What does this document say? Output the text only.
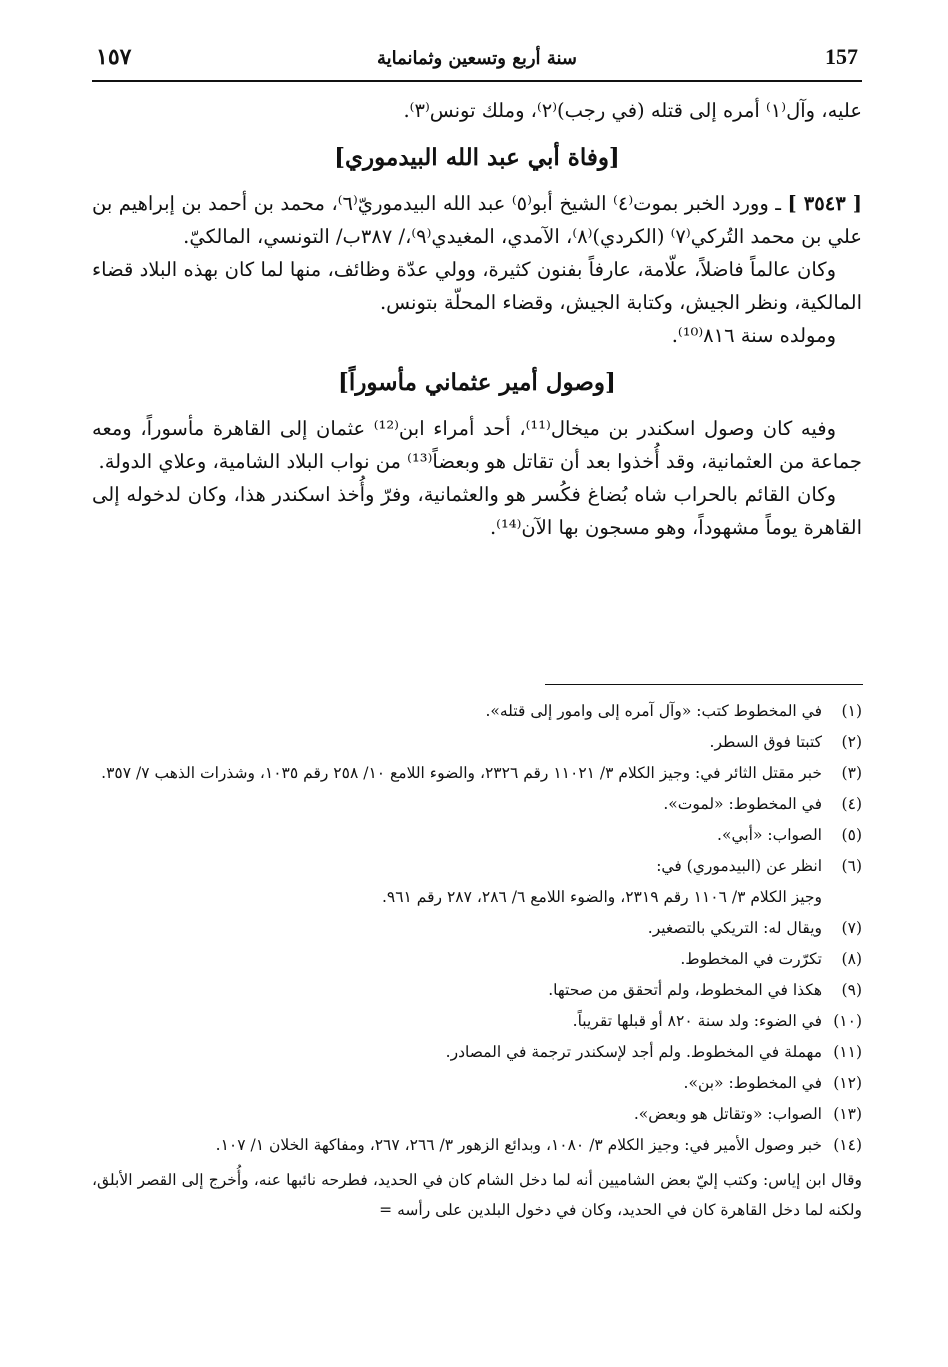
157
سنة أربع وتسعين وثمانماية
١٥٧

عليه، وآل⁽١⁾ أمره إلى قتله (في رجب)⁽٢⁾، وملك تونس⁽٣⁾.

[وفاة أبي عبد الله البيدموري]

[ ٣٥٤٣ ] ـ وورد الخبر بموت⁽٤⁾ الشيخ أبو⁽٥⁾ عبد الله البيدموريّ⁽٦⁾، محمد بن أحمد بن إبراهيم بن علي بن محمد التُركي⁽٧⁾ (الكردي)⁽٨⁾، الآمدي، المغيدي⁽٩⁾،/ ٣٨٧ب/ التونسي، المالكيّ.

وكان عالماً فاضلاً، علّامة، عارفاً بفنون كثيرة، وولي عدّة وظائف، منها لما كان بهذه البلاد قضاء المالكية، ونظر الجيش، وكتابة الجيش، وقضاء المحلّة بتونس.

ومولده سنة ٨١٦⁽¹⁰⁾.

[وصول أمير عثماني مأسوراً]

وفيه كان وصول اسكندر بن ميخال⁽¹¹⁾، أحد أمراء ابن⁽¹²⁾ عثمان إلى القاهرة مأسوراً، ومعه جماعة من العثمانية، وقد أُخذوا بعد أن تقاتل هو وبعضاً⁽¹³⁾ من نواب البلاد الشامية، وعلاي الدولة.

وكان القائم بالحراب شاه بُضاغ فكُسر هو والعثمانية، وفرّ وأُخذ اسكندر هذا، وكان لدخوله إلى القاهرة يوماً مشهوداً، وهو مسجون بها الآن⁽¹⁴⁾.

(١)
في المخطوط كتب: «وآل آمره إلى وامور إلى قتله».

(٢)
كتبتا فوق السطر.

(٣)
خبر مقتل الثائر في: وجيز الكلام ٣/ ١١٠٢١ رقم ٢٣٢٦، والضوء اللامع ١٠/ ٢٥٨ رقم ١٠٣٥، وشذرات الذهب ٧/ ٣٥٧.

(٤)
في المخطوط: «لموت».

(٥)
الصواب: «أبي».

(٦)
انظر عن (البيدموري) في:

وجيز الكلام ٣/ ١١٠٦ رقم ٢٣١٩، والضوء اللامع ٦/ ٢٨٦، ٢٨٧ رقم ٩٦١.

(٧)
ويقال له: التريكي بالتصغير.

(٨)
تكرّرت في المخطوط.

(٩)
هكذا في المخطوط، ولم أتحقق من صحتها.

(١٠)
في الضوء: ولد سنة ٨٢٠ أو قبلها تقريباً.

(١١)
مهملة في المخطوط. ولم أجد لإسكندر ترجمة في المصادر.

(١٢)
في المخطوط: «بن».

(١٣)
الصواب: «وتقاتل هو وبعض».

(١٤)
خبر وصول الأمير في: وجيز الكلام ٣/ ١٠٨٠، وبدائع الزهور ٣/ ٢٦٦، ٢٦٧، ومفاكهة الخلان ١/ ١٠٧.

وقال ابن إياس: وكتب إليّ بعض الشاميين أنه لما دخل الشام كان في الحديد، فطرحه نائبها عنه، وأُخرج إلى القصر الأبلق، ولكنه لما دخل القاهرة كان في الحديد، وكان في دخول البلدين على رأسه =
